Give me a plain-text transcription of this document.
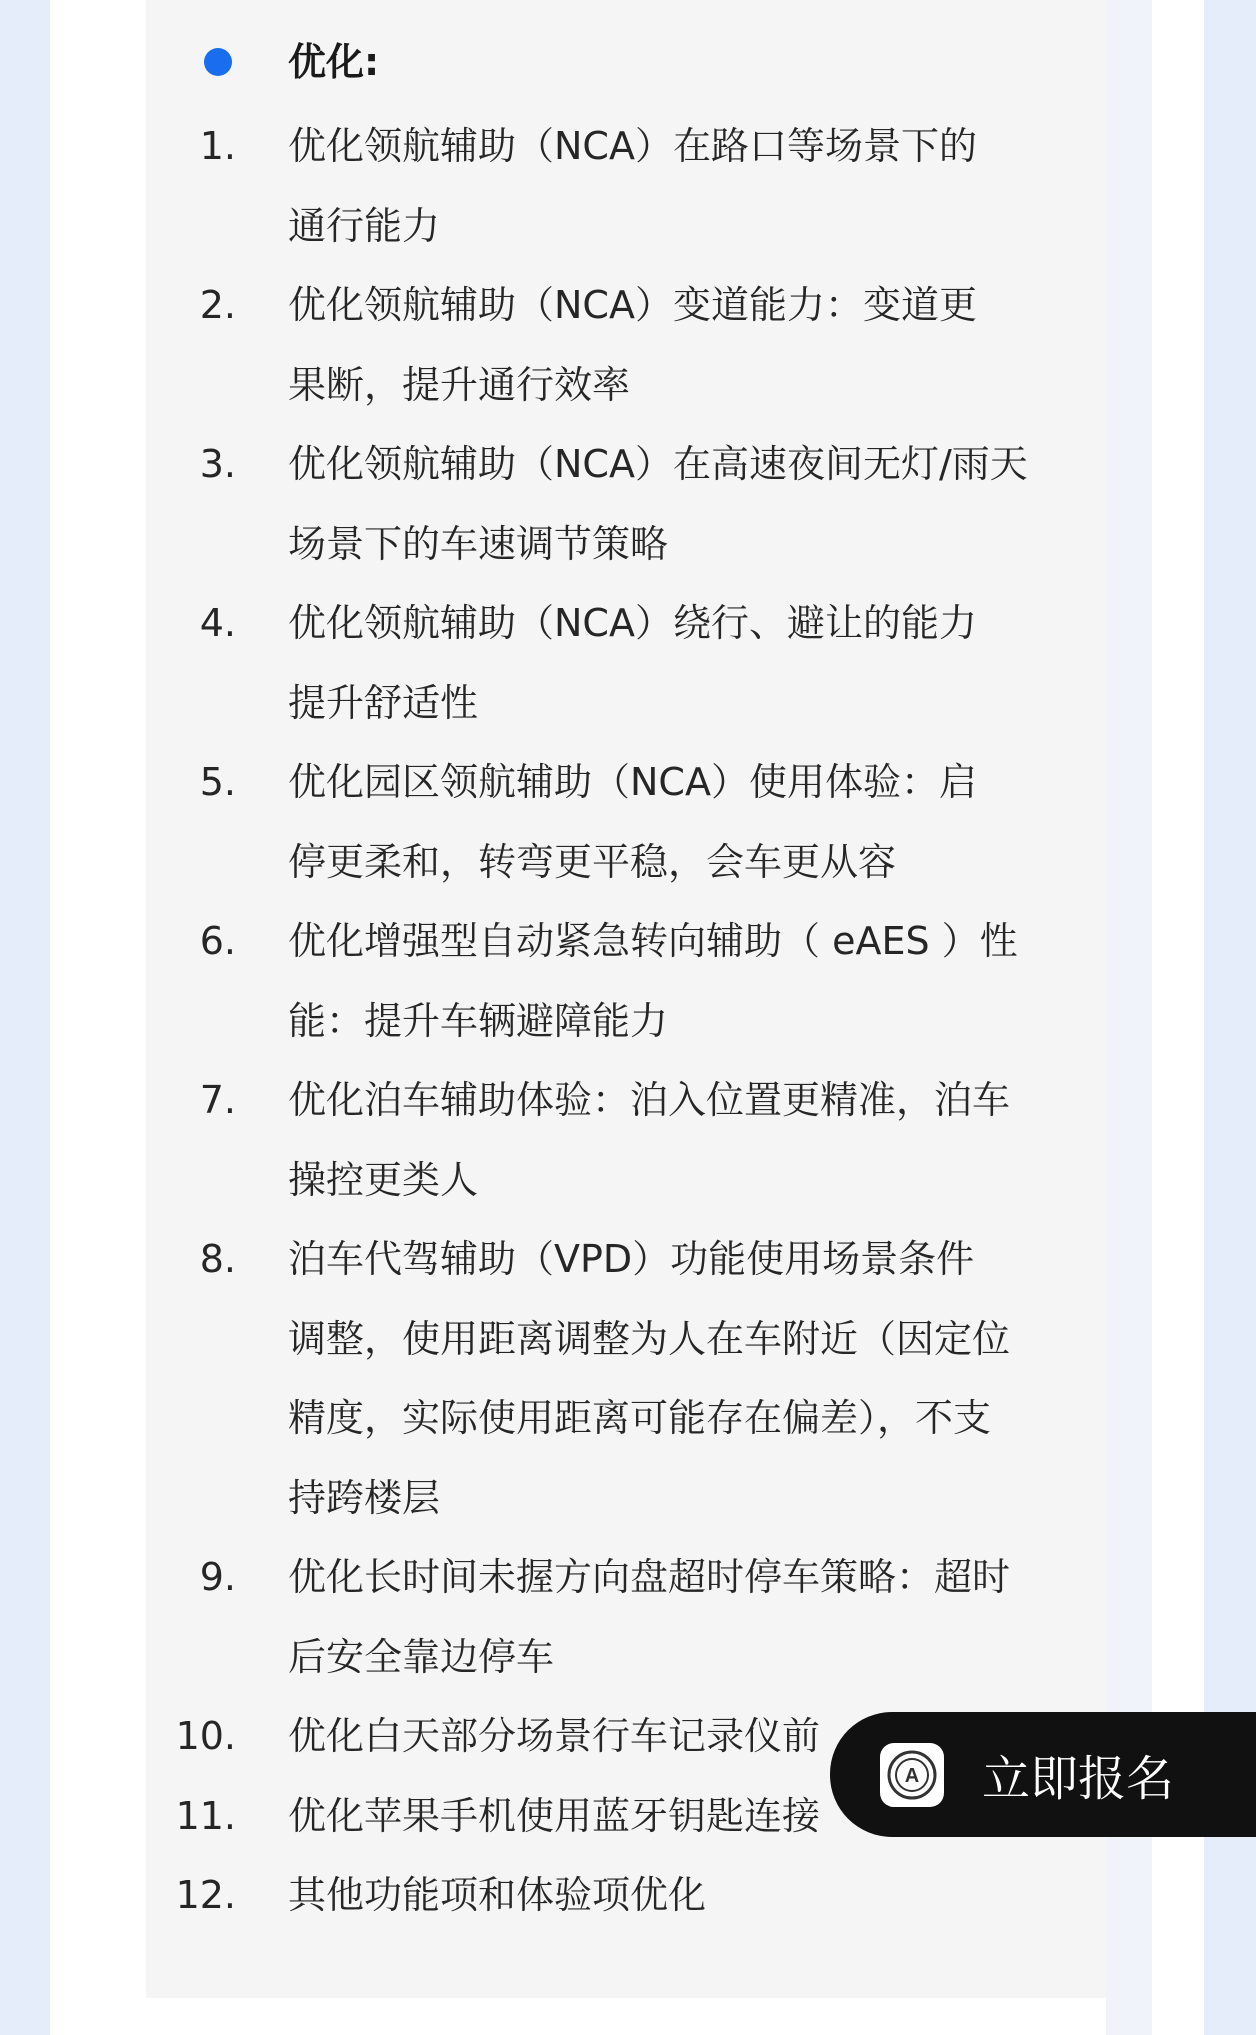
优化:
1. 优化领航辅助（NCA）在路口等场景下的
通行能力
2. 优化领航辅助（NCA）变道能力：变道更
果断，提升通行效率
3. 优化领航辅助（NCA）在高速夜间无灯/雨天
场景下的车速调节策略
4. 优化领航辅助（NCA）绕行、避让的能力
提升舒适性
5. 优化园区领航辅助（NCA）使用体验：启
停更柔和，转弯更平稳，会车更从容
6. 优化增强型自动紧急转向辅助（ eAES ）性
能：提升车辆避障能力
7. 优化泊车辅助体验：泊入位置更精准，泊车
操控更类人
8. 泊车代驾辅助（VPD）功能使用场景条件
调整，使用距离调整为人在车附近（因定位
精度，实际使用距离可能存在偏差），不支
持跨楼层
9. 优化长时间未握方向盘超时停车策略：超时
后安全靠边停车
10. 优化白天部分场景行车记录仪前
11. 优化苹果手机使用蓝牙钥匙连接
12. 其他功能项和体验项优化
A 立即报名
